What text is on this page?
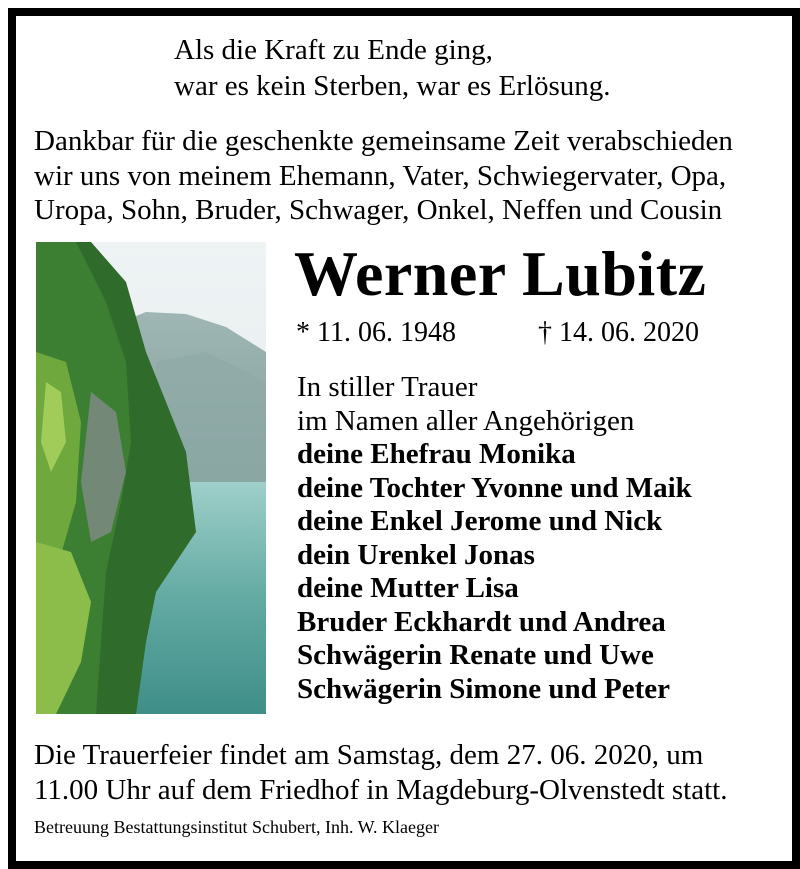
Als die Kraft zu Ende ging,
war es kein Sterben, war es Erlösung.
Dankbar für die geschenkte gemeinsame Zeit verabschieden
wir uns von meinem Ehemann, Vater, Schwiegervater, Opa,
Uropa, Sohn, Bruder, Schwager, Onkel, Neffen und Cousin
Werner Lubitz
* 11. 06. 1948	† 14. 06. 2020
In stiller Trauer
im Namen aller Angehörigen
deine Ehefrau Monika
deine Tochter Yvonne und Maik
deine Enkel Jerome und Nick
dein Urenkel Jonas
deine Mutter Lisa
Bruder Eckhardt und Andrea
Schwägerin Renate und Uwe
Schwägerin Simone und Peter
Die Trauerfeier findet am Samstag, dem 27. 06. 2020, um
11.00 Uhr auf dem Friedhof in Magdeburg-Olvenstedt statt.
Betreuung Bestattungsinstitut Schubert, Inh. W. Klaeger
